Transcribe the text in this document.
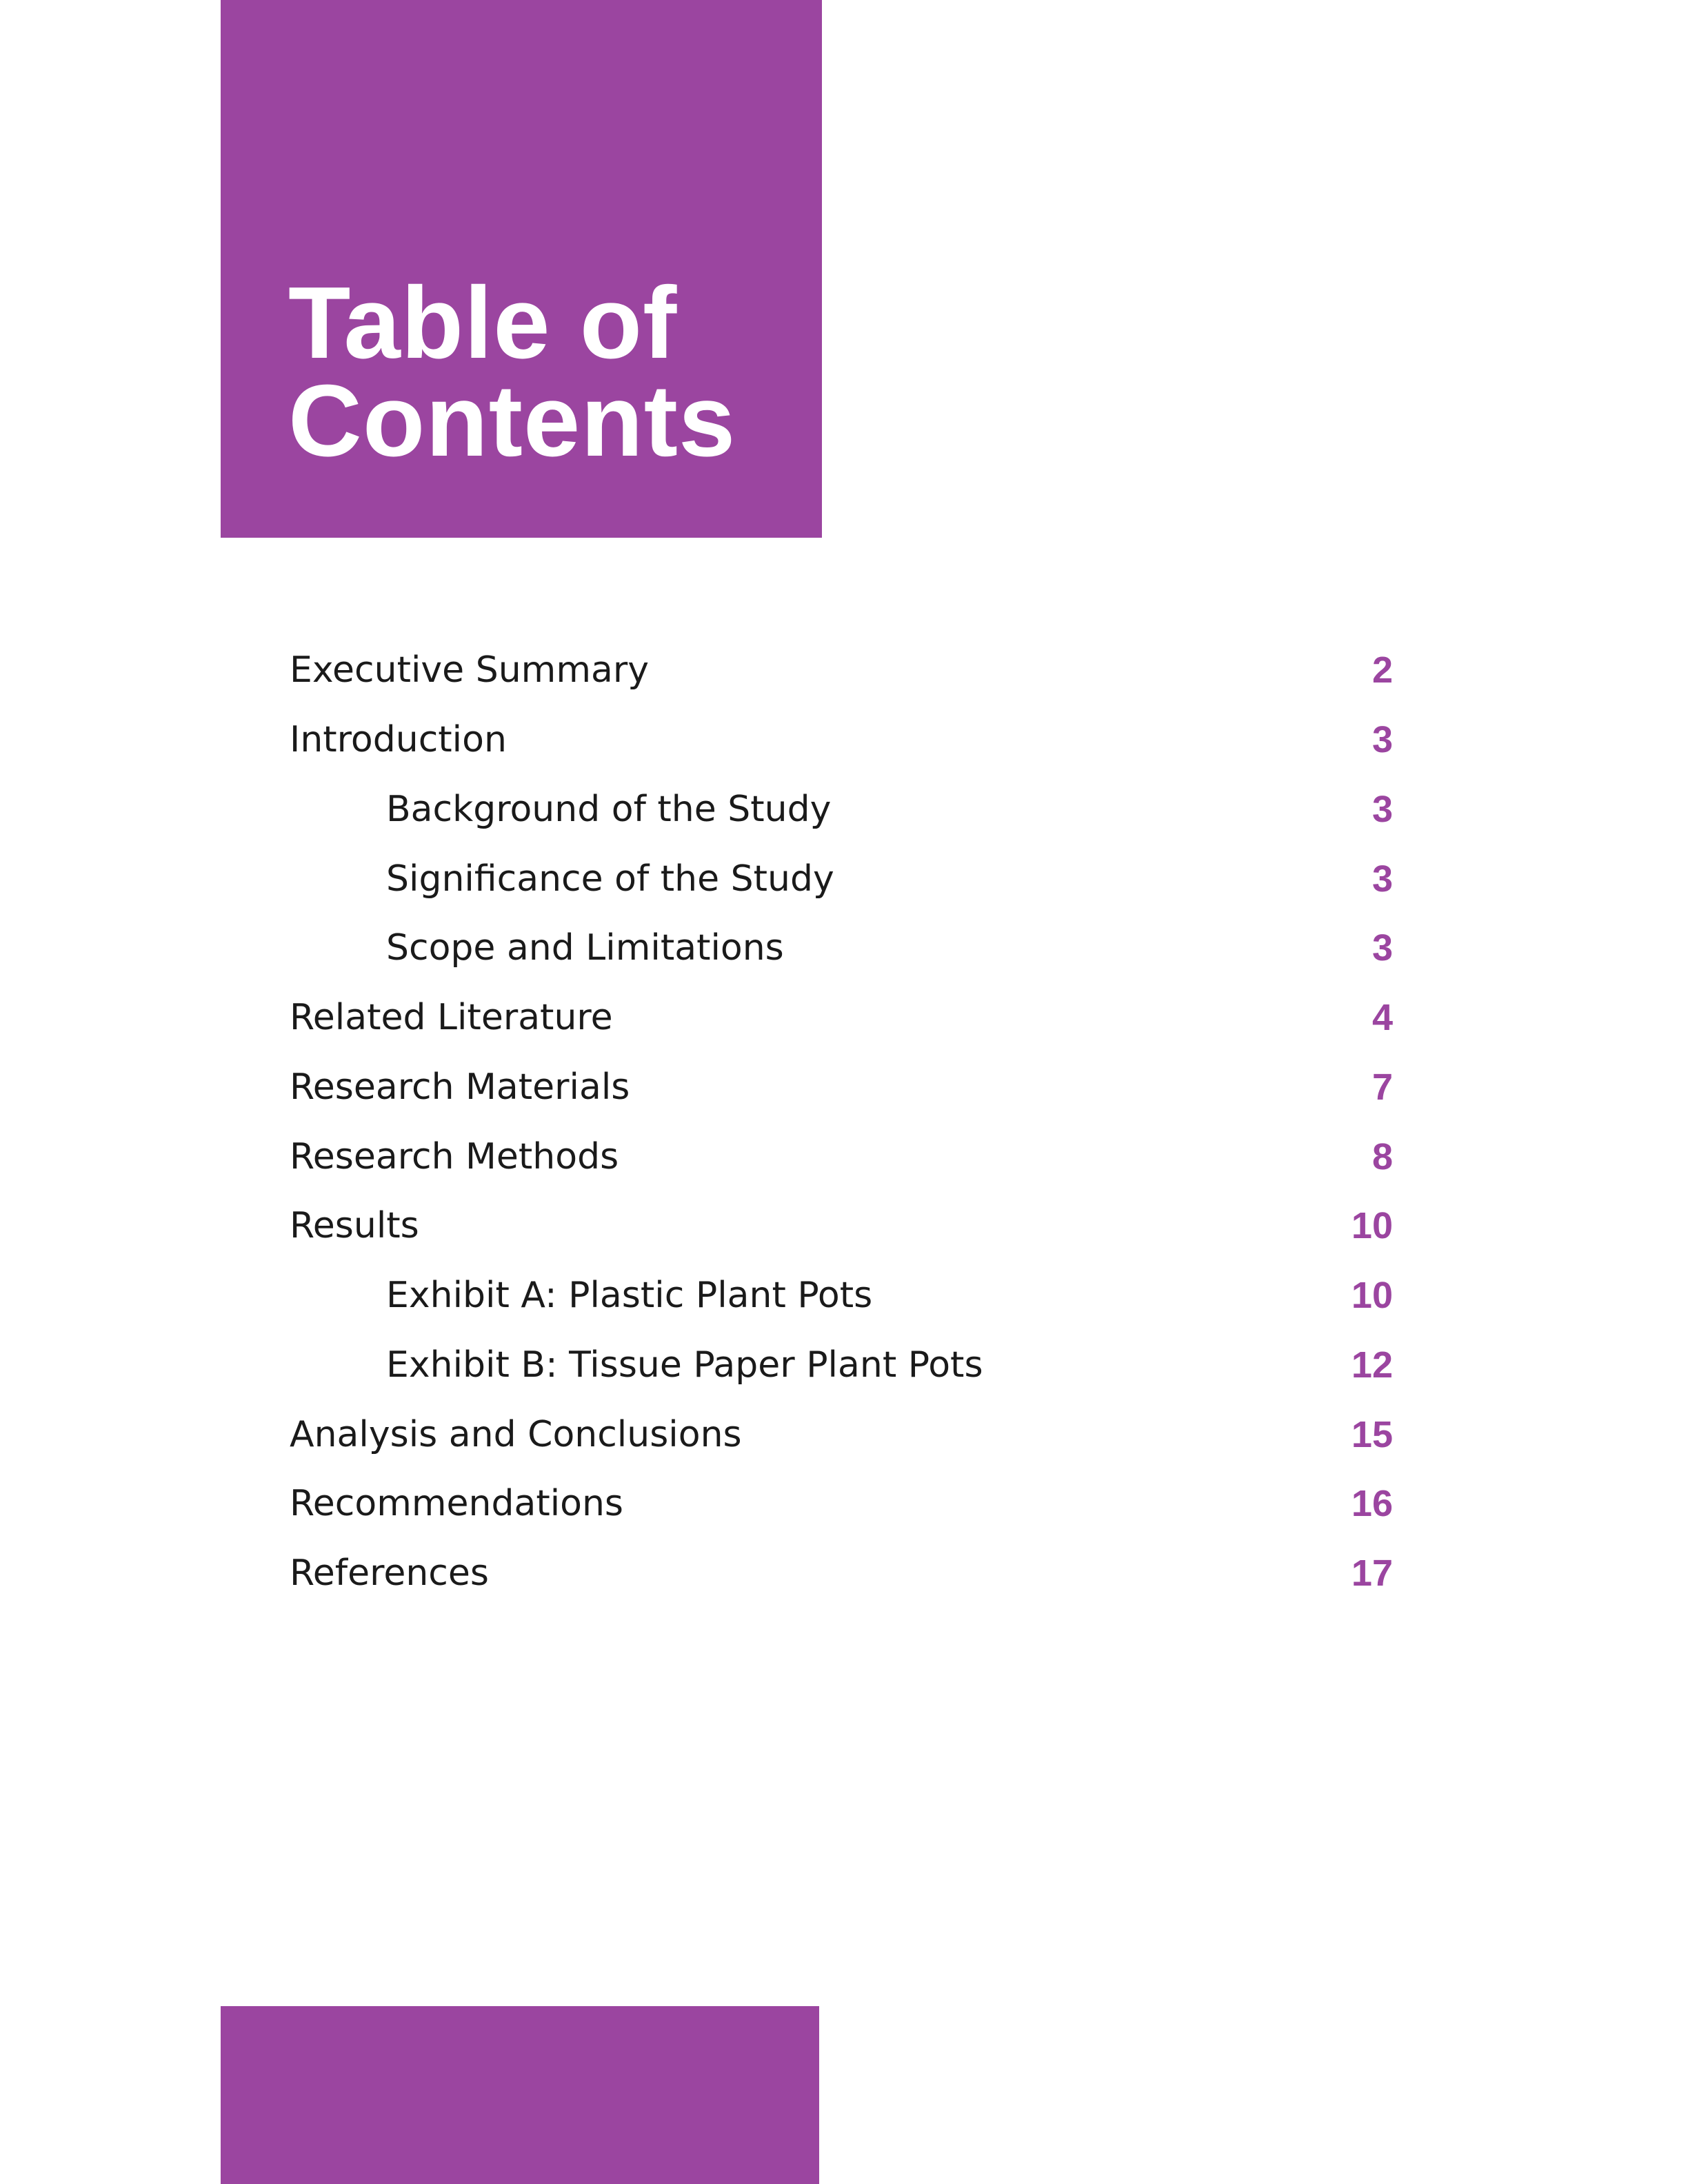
Table of
Contents
Executive Summary	2
Introduction	3
Background of the Study	3
Significance of the Study	3
Scope and Limitations	3
Related Literature	4
Research Materials	7
Research Methods	8
Results	10
Exhibit A: Plastic Plant Pots	10
Exhibit B: Tissue Paper Plant Pots	12
Analysis and Conclusions	15
Recommendations	16
References	17
